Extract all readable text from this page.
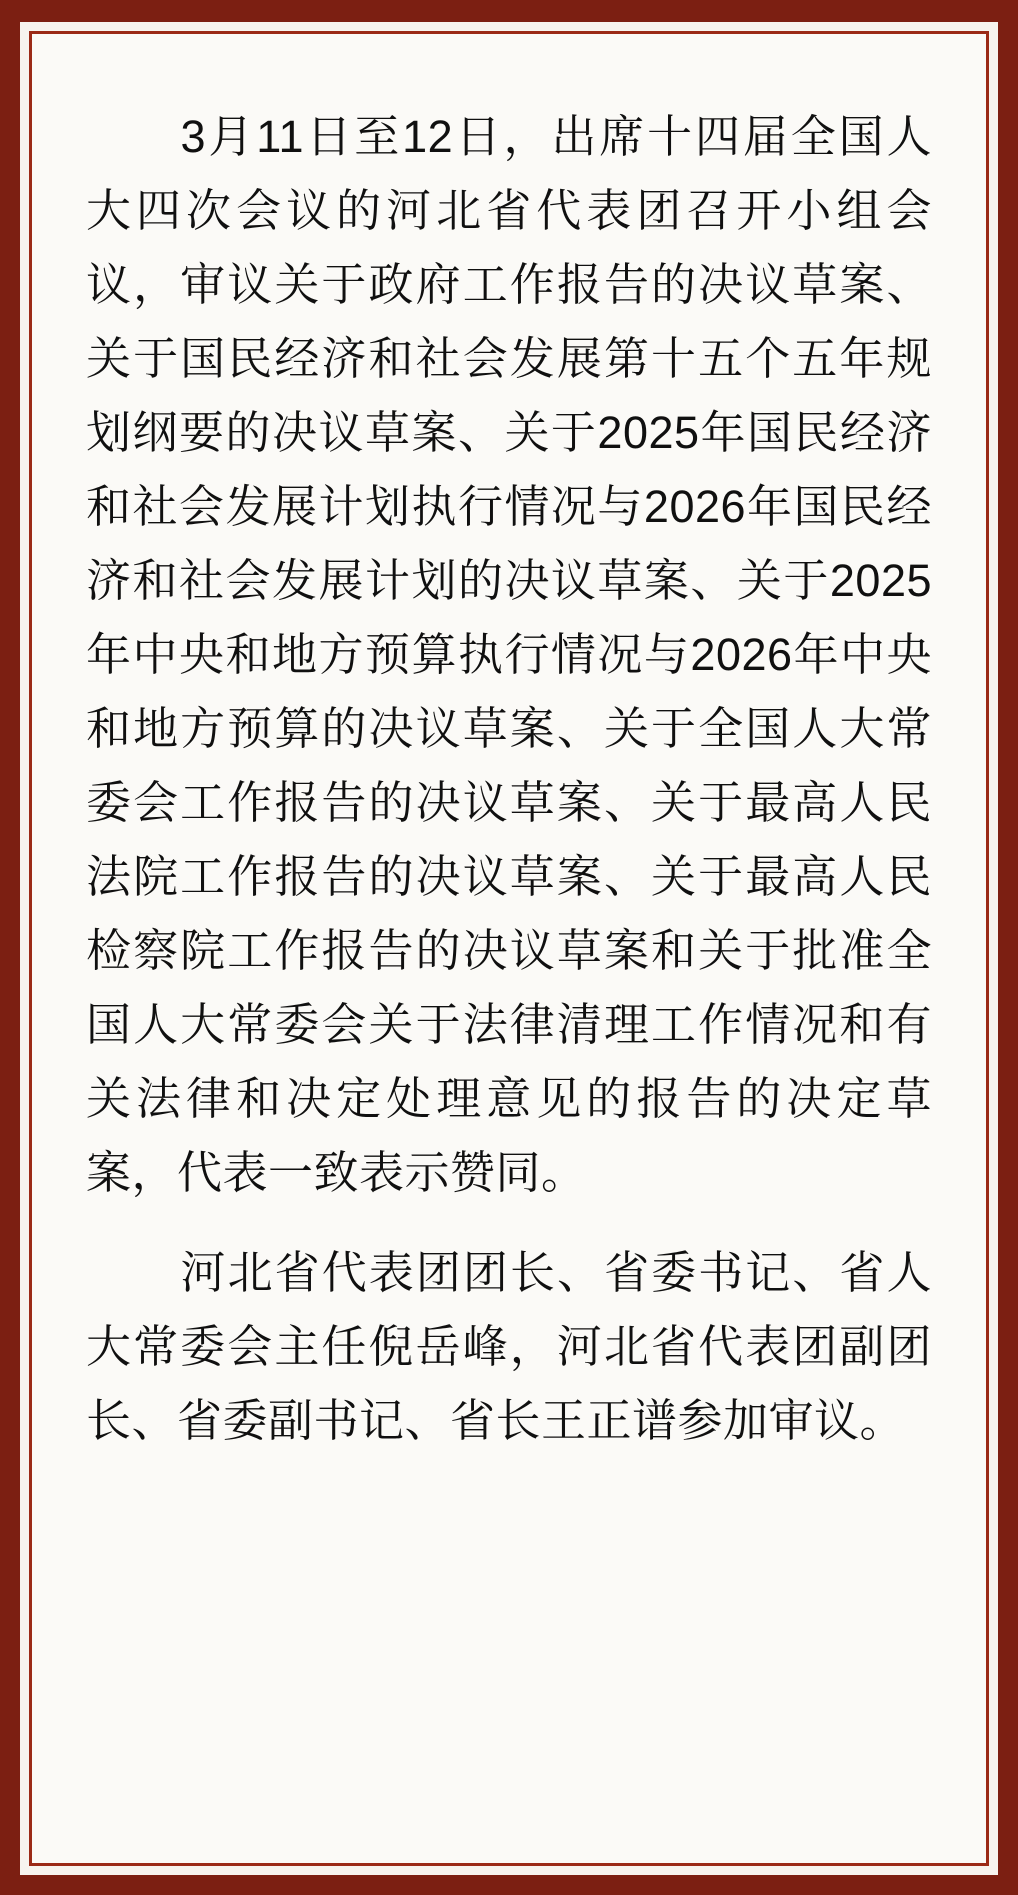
3月11日至12日，出席十四届全国人大四次会议的河北省代表团召开小组会议，审议关于政府工作报告的决议草案、关于国民经济和社会发展第十五个五年规划纲要的决议草案、关于2025年国民经济和社会发展计划执行情况与2026年国民经济和社会发展计划的决议草案、关于2025年中央和地方预算执行情况与2026年中央和地方预算的决议草案、关于全国人大常委会工作报告的决议草案、关于最高人民法院工作报告的决议草案、关于最高人民检察院工作报告的决议草案和关于批准全国人大常委会关于法律清理工作情况和有关法律和决定处理意见的报告的决定草案，代表一致表示赞同。

河北省代表团团长、省委书记、省人大常委会主任倪岳峰，河北省代表团副团长、省委副书记、省长王正谱参加审议。
